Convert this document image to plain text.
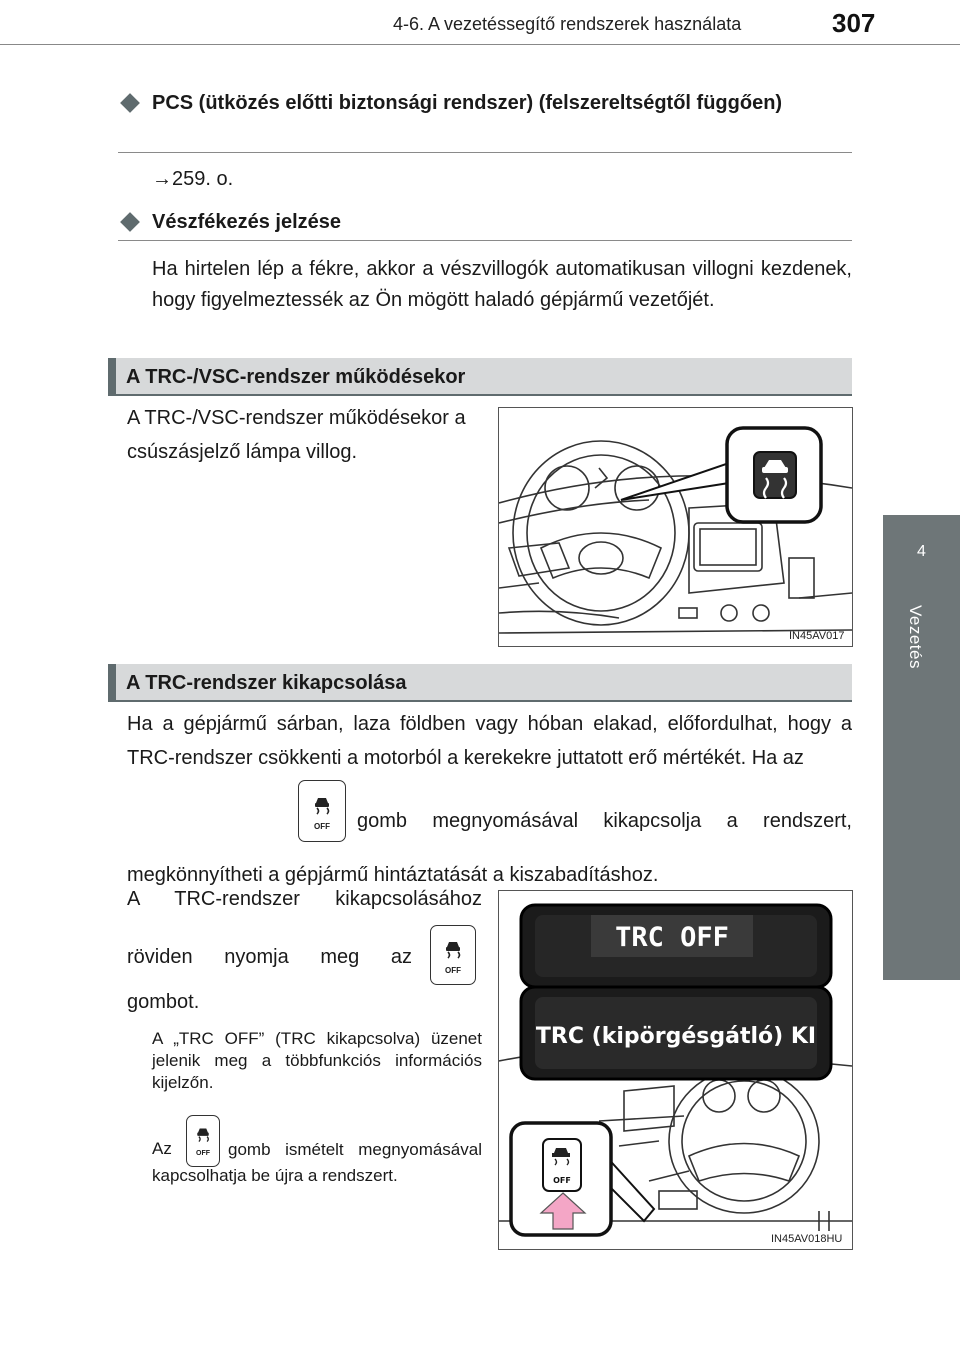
4-6. A vezetéssegítő rendszerek használata	307
4
Vezetés
PCS (ütközés előtti biztonsági rendszer) (felszereltségtől függően)
→259. o.
Vészfékezés jelzése
Ha hirtelen lép a fékre, akkor a vészvillogók automatikusan villogni kezdenek, hogy figyelmeztessék az Ön mögött haladó gépjármű vezetőjét.
A TRC-/VSC-rendszer működésekor
A TRC-/VSC-rendszer működésekor a csúszásjelző lámpa villog.
IN45AV017
A TRC-rendszer kikapcsolása
Ha a gépjármű sárban, laza földben vagy hóban elakad, előfordulhat, hogy a TRC-rendszer csökkenti a motorból a kerekekre juttatott erő mértékét. Ha az
OFF	gomb megnyomásával kikapcsolja a rendszert, megkönnyítheti a gépjármű hintáztatását a kiszabadításhoz.
A TRC-rendszer kikapcsolásához
röviden nyomja meg az
OFF
gombot.
A „TRC OFF” (TRC kikapcsolva) üzenet jelenik meg a többfunkciós információs kijelzőn.
Az	OFF	gomb ismételt megnyomásával kapcsolhatja be újra a rendszert.
TRC OFF
TRC (kipörgésgátló) KI
OFF
IN45AV018HU
